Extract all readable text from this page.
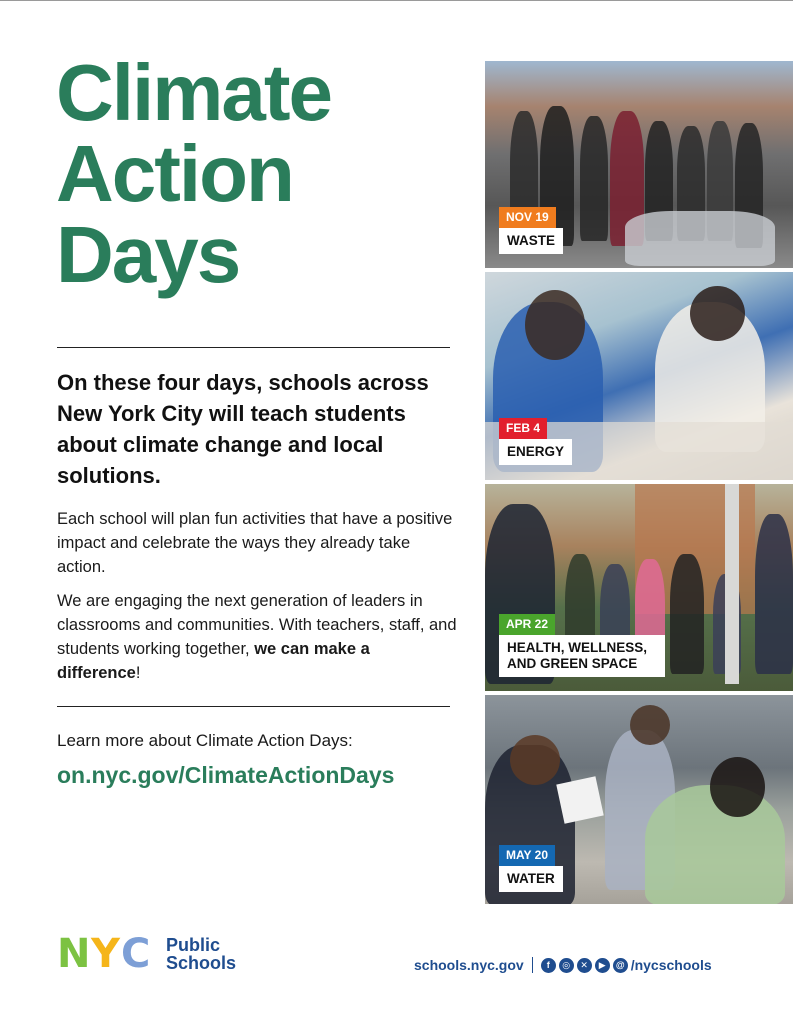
Climate
Action
Days
On these four days, schools across New York City will teach students about climate change and local solutions.
Each school will plan fun activities that have a positive impact and celebrate the ways they already take action.
We are engaging the next generation of leaders in classrooms and communities. With teachers, staff, and students working together, we can make a difference!
Learn more about Climate Action Days:
on.nyc.gov/ClimateActionDays
NOV 19
WASTE
FEB 4
ENERGY
APR 22
HEALTH, WELLNESS, AND GREEN SPACE
MAY 20
WATER
N Y C Public
Schools	schools.nyc.gov	f	◎	✕	▶	@ /nycschools
